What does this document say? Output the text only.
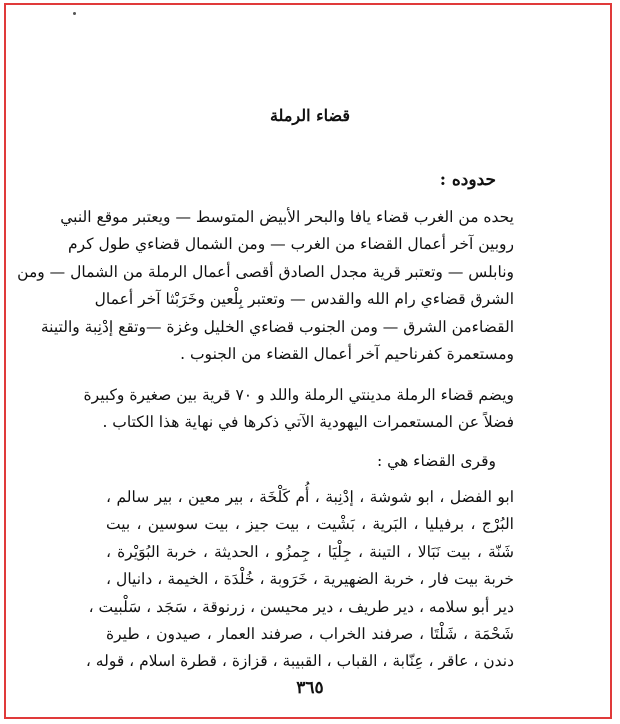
قضاء الرملة
حدوده :
يحده من الغرب قضاء يافا والبحر الأبيض المتوسط — ويعتبر موقع النبي
روبين آخر أعمال القضاء من الغرب — ومن الشمال قضاءي طول كرم
ونابلس — وتعتبر قرية مجدل الصادق أقصى أعمال الرملة من الشمال — ومن
الشرق قضاءي رام الله والقدس — وتعتبر بِلْعين وخَرَبْثا آخر أعمال
القضاءمن الشرق — ومن الجنوب قضاءي الخليل وغزة —وتقع إدْنِبة والتينة
ومستعمرة كفرناحيم آخر أعمال القضاء من الجنوب .
ويضم قضاء الرملة مدينتي الرملة واللد و ٧٠ قرية بين صغيرة وكبيرة
فضلاً عن المستعمرات اليهودية الآتي ذكرها في نهاية هذا الكتاب .
وقرى القضاء هي :
ابو الفضل ، ابو شوشة ، إدْنِبة ، أُم كَلْخَة ، بير معين ، بير سالم ،
البُرْج ، برفيليا ، البَرية ، بَشْيت ، بيت جيز ، بيت سوسين ، بيت
شَنّة ، بيت نَبَالا ، التينة ، جِلْيَا ، جِمزُو ، الحديثة ، خربة البُوَيْرة ،
خربة بيت فار ، خربة الضهيرية ، خَرَوبة ، خُلْدَة ، الخيمة ، دانيال ،
دير أبو سلامه ، دير طريف ، دير محيسن ، زرنوقة ، سَجَد ، سَلْبيت ،
شَحْمَة ، شَلْتَا ، صرفند الخراب ، صرفند العمار ، صيدون ، طيرة
دندن ، عاقر ، عِنّابة ، القباب ، القبيبة ، قزازة ، قطرة اسلام ، قوله ،
٣٦٥
